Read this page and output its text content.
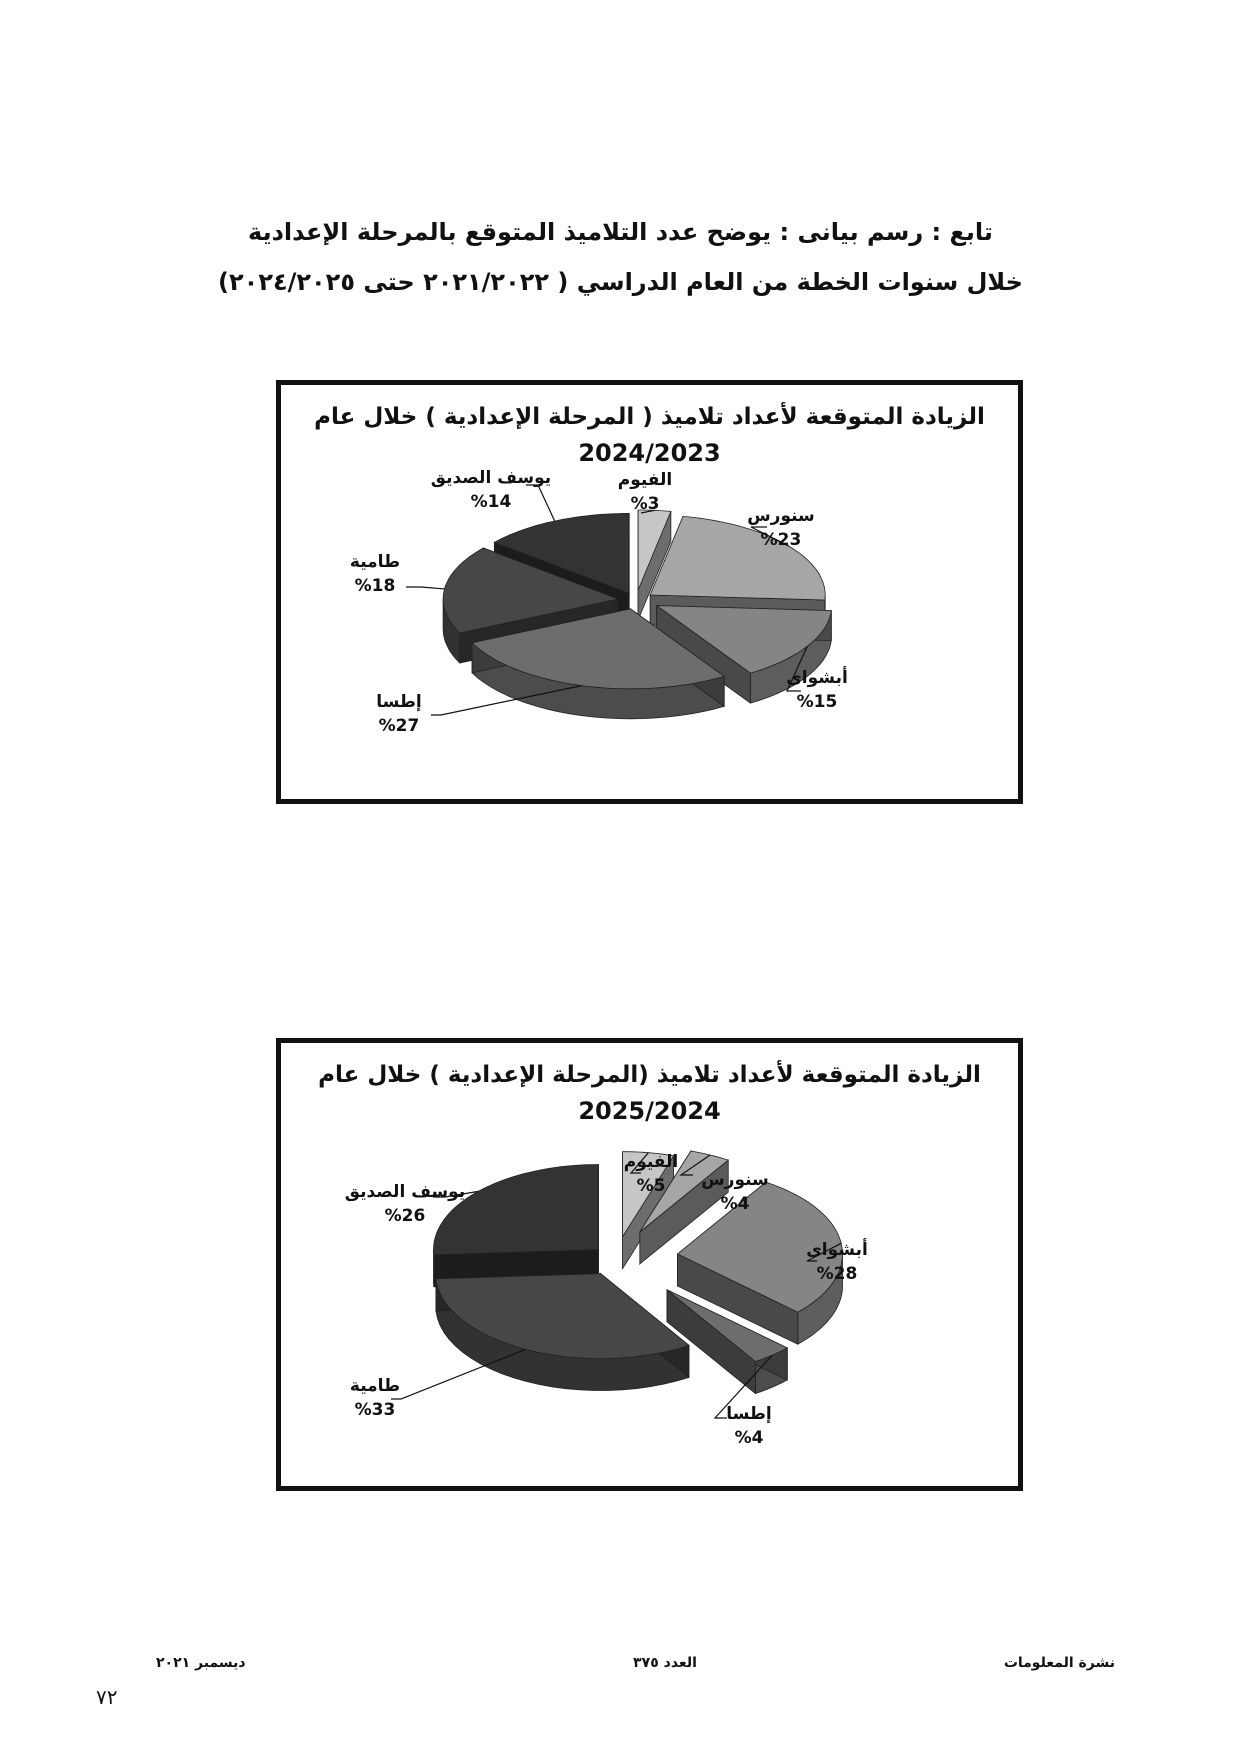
تابع : رسم بيانى : يوضح عدد التلاميذ المتوقع بالمرحلة الإعدادية
خلال سنوات الخطة من العام الدراسي ( ٢٠٢١/٢٠٢٢ حتى ٢٠٢٤/٢٠٢٥)
الزيادة المتوقعة لأعداد تلاميذ ( المرحلة الإعدادية ) خلال عام
2024/2023
الفيوم
%3
سنورس
%23
أبشواى
%15
إطسا
%27
طامية
%18
يوسف الصديق
%14
الزيادة المتوقعة لأعداد تلاميذ (المرحلة الإعدادية ) خلال عام
2025/2024
الفيوم
%5 سنورس
%4
أبشواى
%28
إطسا
%4
طامية
%33
يوسف الصديق
%26
ديسمبر ٢٠٢١	العدد ٣٧٥	نشرة المعلومات
٧٢
